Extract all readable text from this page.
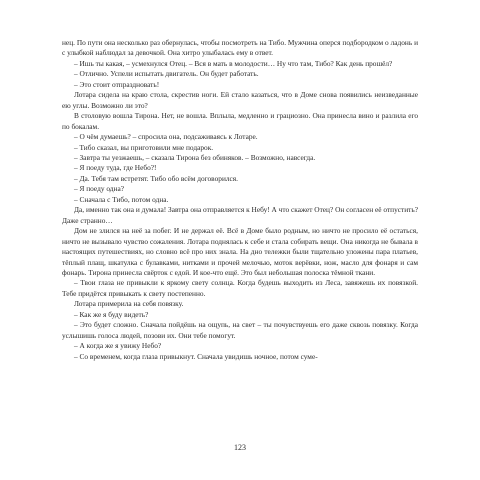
нец. По пути она несколько раз обернулась, чтобы посмотреть на Тибо. Мужчина оперся подбородком о ладонь и с улыбкой наблюдал за девочкой. Она хитро улыбалась ему в ответ.

– Ишь ты какая, – усмехнулся Отец. – Вся в мать в молодости… Ну что там, Тибо? Как день прошёл?

– Отлично. Успели испытать двигатель. Он будет работать.

– Это стоит отпраздновать!

Лотара сидела на краю стола, скрестив ноги. Ей стало казаться, что в Доме снова появились неизведанные ею углы. Возможно ли это?

В столовую вошла Тирона. Нет, не вошла. Вплыла, медленно и грациозно. Она принесла вино и разлила его по бокалам.

– О чём думаешь? – спросила она, подсаживаясь к Лотаре.

– Тибо сказал, вы приготовили мне подарок.

– Завтра ты уезжаешь, – сказала Тирона без обиняков. – Возможно, навсегда.

– Я поеду туда, где Небо?!

– Да. Тебя там встретят. Тибо обо всём договорился.

– Я поеду одна?

– Сначала с Тибо, потом одна.

Да, именно так она и думала! Завтра она отправляется к Небу! А что скажет Отец? Он согласен её отпустить? Даже странно…

Дом не злился на неё за побег. И не держал её. Всё в Доме было родным, но ничто не просило её остаться, ничто не вызывало чувство сожаления. Лотара поднялась к себе и стала собирать вещи. Она никогда не бывала в настоящих путешествиях, но словно всё про них знала. На дно тележки были тщательно уложены пара платьев, тёплый плащ, шкатулка с булавками, нитками и прочей мелочью, моток верёвки, нож, масло для фонаря и сам фонарь. Тирона принесла свёрток с едой. И кое-что ещё. Это был небольшая полоска тёмной ткани.

– Твои глаза не привыкли к яркому свету солнца. Когда будешь выходить из Леса, завяжешь их повязкой. Тебе придётся привыкать к свету постепенно.

Лотара примерила на себя повязку.

– Как же я буду видеть?

– Это будет сложно. Сначала пойдёшь на ощупь, на свет – ты почувствуешь его даже сквозь повязку. Когда услышишь голоса людей, позови их. Они тебе помогут.

– А когда же я увижу Небо?

– Со временем, когда глаза привыкнут. Сначала увидишь ночное, потом суме-

123
